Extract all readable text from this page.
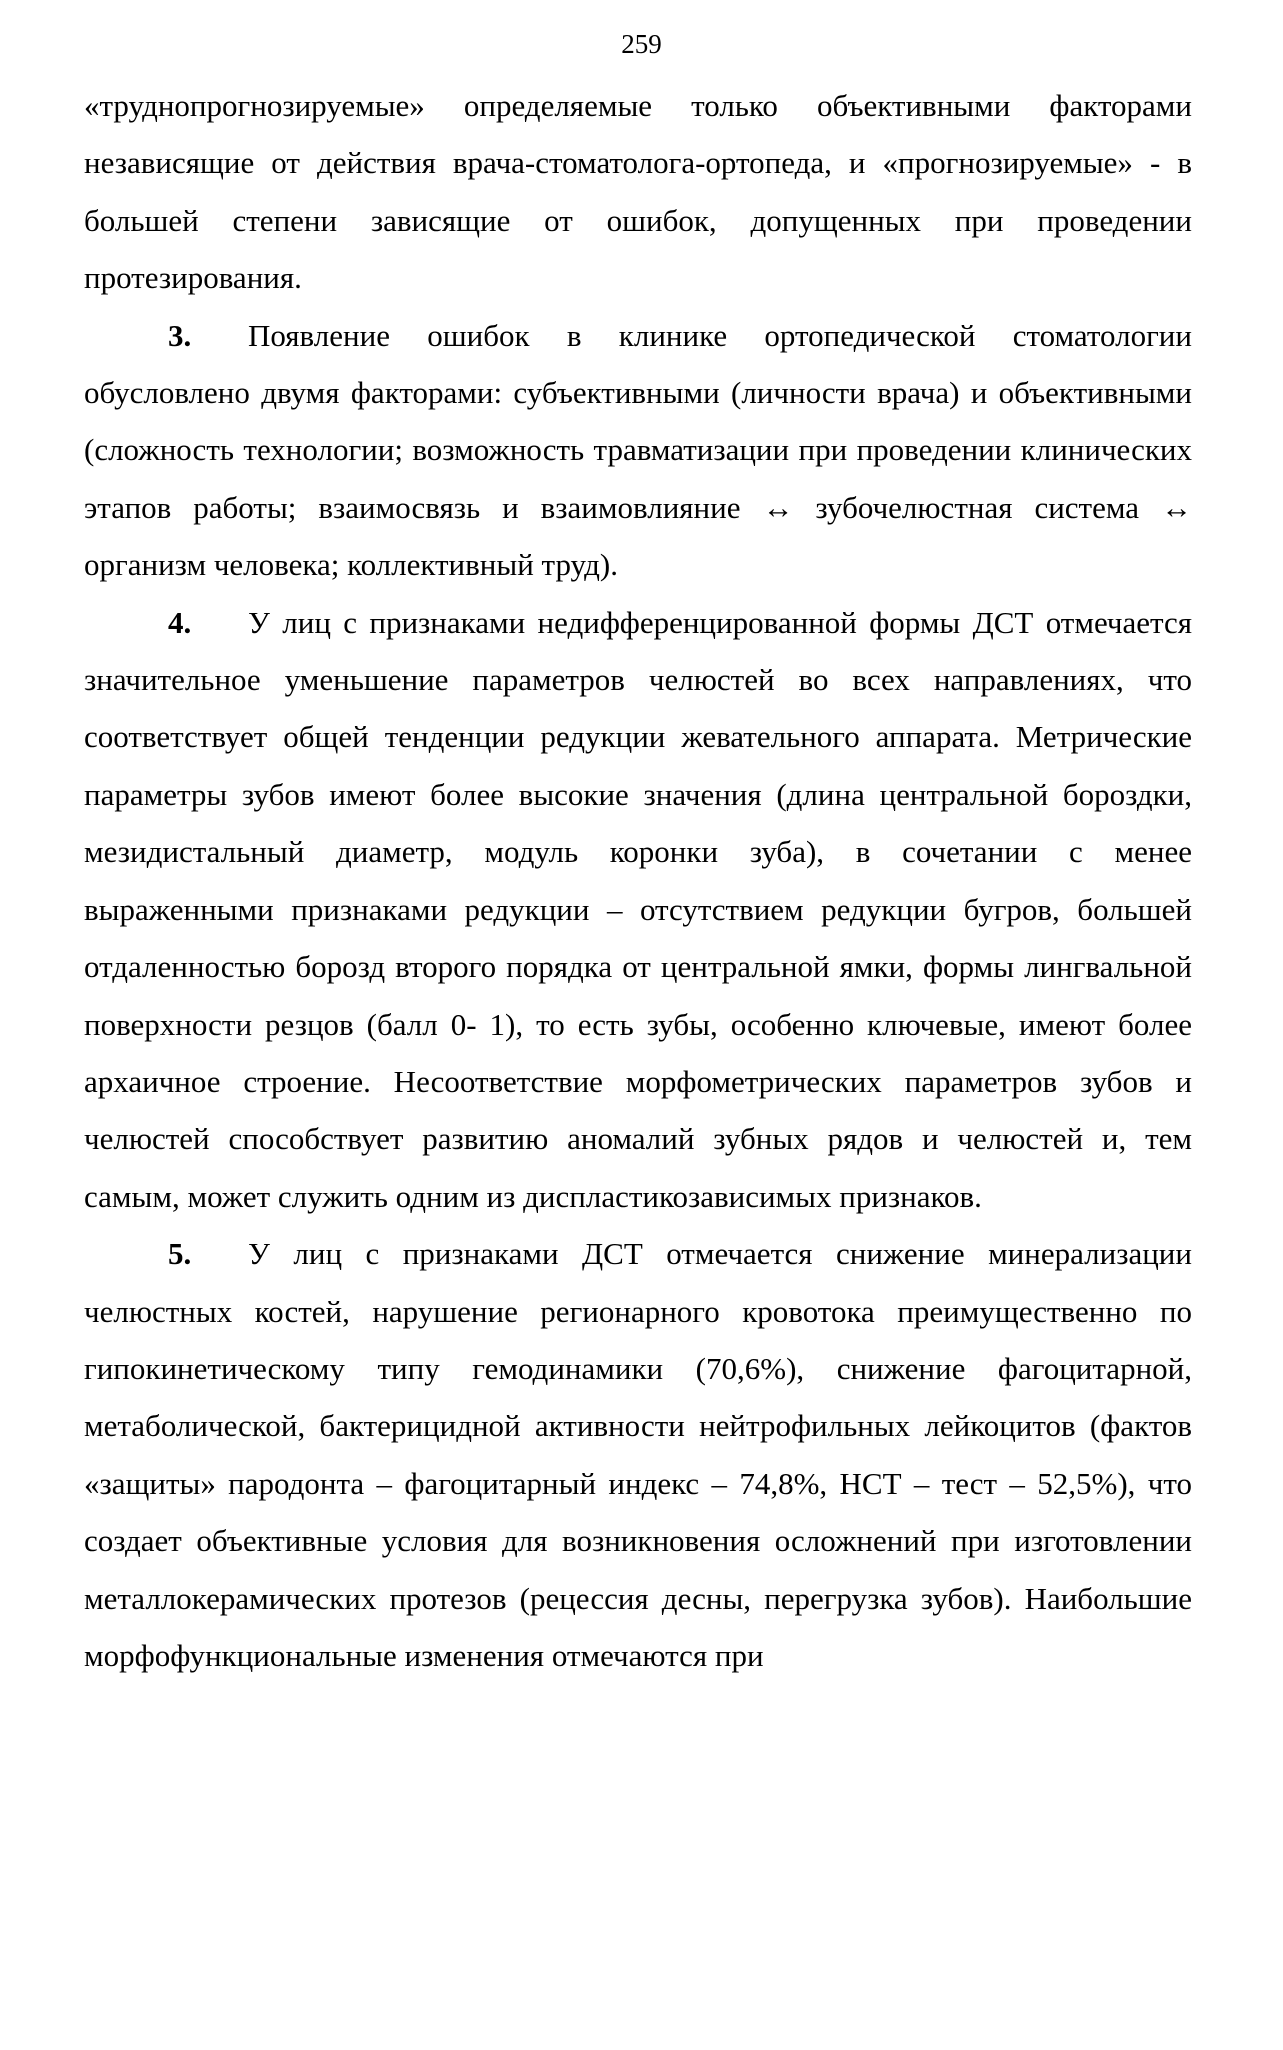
259

«труднопрогнозируемые» определяемые только объективными факторами независящие от действия врача-стоматолога-ортопеда, и «прогнозируемые» - в большей степени зависящие от ошибок, допущенных при проведении протезирования.

3. Появление ошибок в клинике ортопедической стоматологии обусловлено двумя факторами: субъективными (личности врача) и объективными (сложность технологии; возможность травматизации при проведении клинических этапов работы; взаимосвязь и взаимовлияние ↔ зубочелюстная система ↔ организм человека; коллективный труд).

4. У лиц с признаками недифференцированной формы ДСТ отмечается значительное уменьшение параметров челюстей во всех направлениях, что соответствует общей тенденции редукции жевательного аппарата. Метрические параметры зубов имеют более высокие значения (длина центральной бороздки, мезидистальный диаметр, модуль коронки зуба), в сочетании с менее выраженными признаками редукции – отсутствием редукции бугров, большей отдаленностью борозд второго порядка от центральной ямки, формы лингвальной поверхности резцов (балл 0- 1), то есть зубы, особенно ключевые, имеют более архаичное строение. Несоответствие морфометрических параметров зубов и челюстей способствует развитию аномалий зубных рядов и челюстей и, тем самым, может служить одним из диспластикозависимых признаков.

5. У лиц с признаками ДСТ отмечается снижение минерализации челюстных костей, нарушение регионарного кровотока преимущественно по гипокинетическому типу гемодинамики (70,6%), снижение фагоцитарной, метаболической, бактерицидной активности нейтрофильных лейкоцитов (фактов «защиты» пародонта – фагоцитарный индекс – 74,8%, НСТ – тест – 52,5%), что создает объективные условия для возникновения осложнений при изготовлении металлокерамических протезов (рецессия десны, перегрузка зубов). Наибольшие морфофункциональные изменения отмечаются при
